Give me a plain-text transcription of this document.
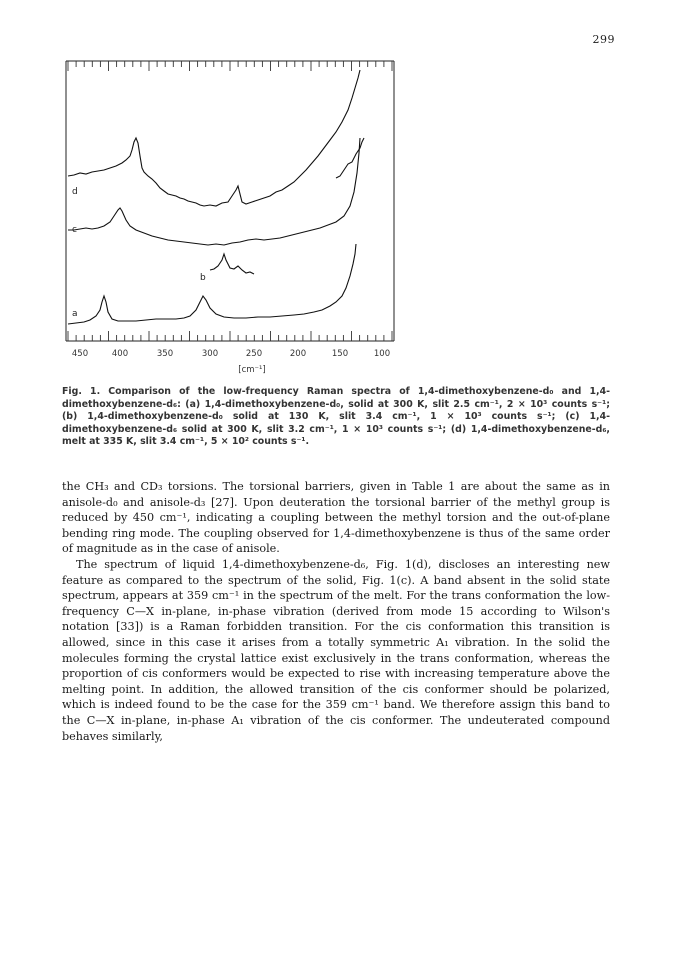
299
d
c
b
a
450	400	350	300	250	200	150	100
[cm⁻¹]

Fig. 1. Comparison of the low-frequency Raman spectra of 1,4-dimethoxybenzene-d₀ and 1,4-dimethoxybenzene-d₆: (a) 1,4-dimethoxybenzene-d₀, solid at 300 K, slit 2.5 cm⁻¹, 2 × 10³ counts s⁻¹; (b) 1,4-dimethoxybenzene-d₀ solid at 130 K, slit 3.4 cm⁻¹, 1 × 10³ counts s⁻¹; (c) 1,4-dimethoxybenzene-d₆ solid at 300 K, slit 3.2 cm⁻¹, 1 × 10³ counts s⁻¹; (d) 1,4-dimethoxybenzene-d₆, melt at 335 K, slit 3.4 cm⁻¹, 5 × 10² counts s⁻¹.

the CH₃ and CD₃ torsions. The torsional barriers, given in Table 1 are about the same as in anisole-d₀ and anisole-d₃ [27]. Upon deuteration the torsional barrier of the methyl group is reduced by 450 cm⁻¹, indicating a coupling between the methyl torsion and the out-of-plane bending ring mode. The coupling observed for 1,4-dimethoxybenzene is thus of the same order of magnitude as in the case of anisole.

The spectrum of liquid 1,4-dimethoxybenzene-d₆, Fig. 1(d), discloses an interesting new feature as compared to the spectrum of the solid, Fig. 1(c). A band absent in the solid state spectrum, appears at 359 cm⁻¹ in the spectrum of the melt. For the trans conformation the low-frequency C—X in-plane, in-phase vibration (derived from mode 15 according to Wilson's notation [33]) is a Raman forbidden transition. For the cis conformation this transition is allowed, since in this case it arises from a totally symmetric A₁ vibration. In the solid the molecules forming the crystal lattice exist exclusively in the trans conformation, whereas the proportion of cis conformers would be expected to rise with increasing temperature above the melting point. In addition, the allowed transition of the cis conformer should be polarized, which is indeed found to be the case for the 359 cm⁻¹ band. We therefore assign this band to the C—X in-plane, in-phase A₁ vibration of the cis conformer. The undeuterated compound behaves similarly,
